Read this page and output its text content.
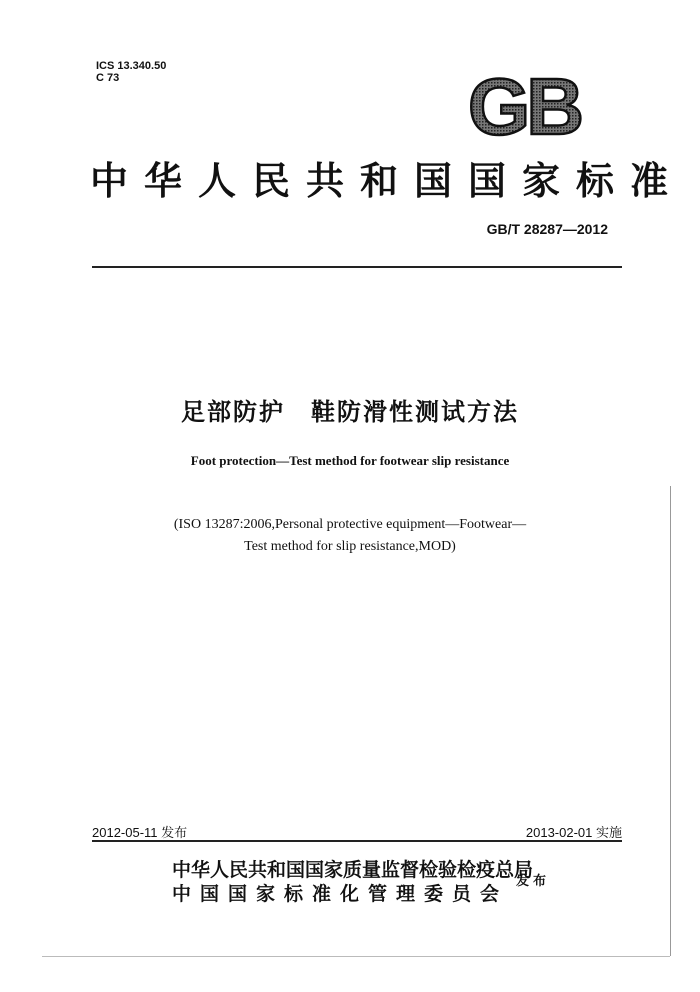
ICS 13.340.50
C 73	GB
中华人民共和国国家标准
GB/T 28287—2012
足部防护　鞋防滑性测试方法
Foot protection—Test method for footwear slip resistance
(ISO 13287:2006,Personal protective equipment—Footwear—
Test method for slip resistance,MOD)
2012-05-11 发布	2013-02-01 实施
中华人民共和国国家质量监督检验检疫总局
中国国家标准化管理委员会
发布
